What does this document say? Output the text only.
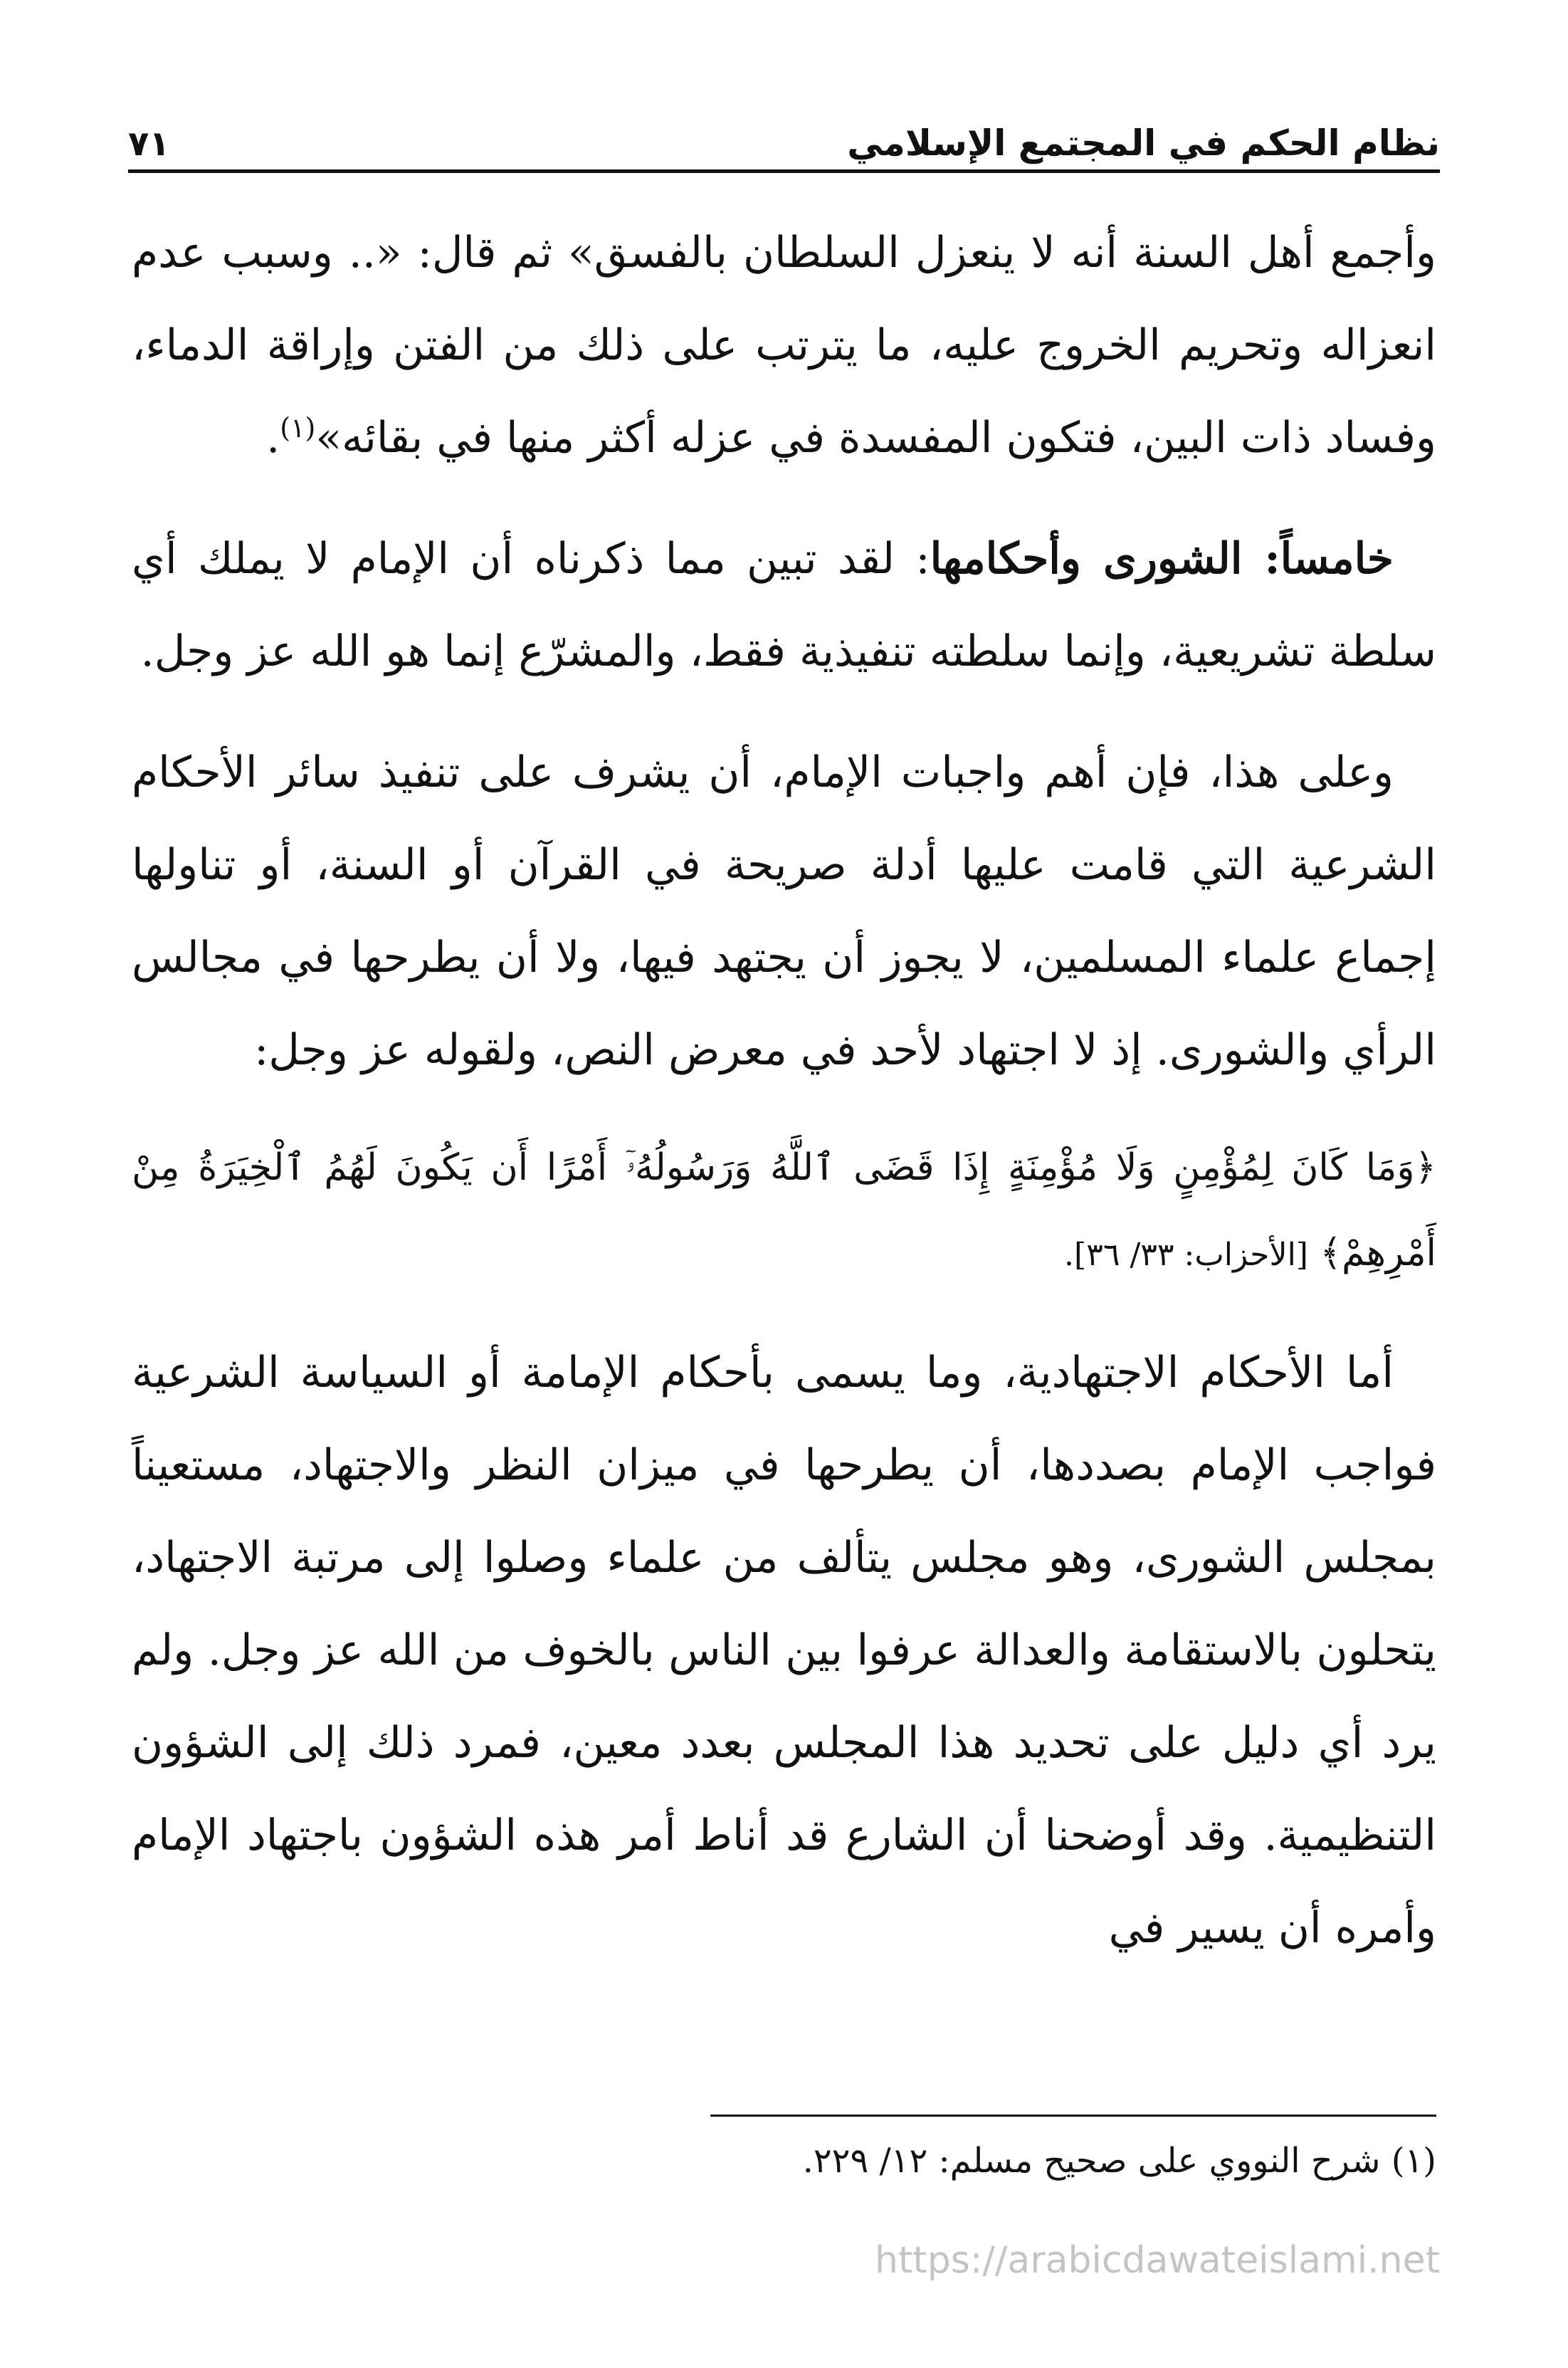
٧١	نظام الحكم في المجتمع الإسلامي

وأجمع أهل السنة أنه لا ينعزل السلطان بالفسق» ثم قال: «.. وسبب عدم انعزاله وتحريم الخروج عليه، ما يترتب على ذلك من الفتن وإراقة الدماء، وفساد ذات البين، فتكون المفسدة في عزله أكثر منها في بقائه»$^{(١)}$.

خامساً: الشورى وأحكامها: لقد تبين مما ذكرناه أن الإمام لا يملك أي سلطة تشريعية، وإنما سلطته تنفيذية فقط، والمشرّع إنما هو الله عز وجل.

وعلى هذا، فإن أهم واجبات الإمام، أن يشرف على تنفيذ سائر الأحكام الشرعية التي قامت عليها أدلة صريحة في القرآن أو السنة، أو تناولها إجماع علماء المسلمين، لا يجوز أن يجتهد فيها، ولا أن يطرحها في مجالس الرأي والشورى. إذ لا اجتهاد لأحد في معرض النص، ولقوله عز وجل:

﴿وَمَا كَانَ لِمُؤْمِنٍ وَلَا مُؤْمِنَةٍ إِذَا قَضَى ٱللَّهُ وَرَسُولُهُۥٓ أَمْرًا أَن يَكُونَ لَهُمُ ٱلْخِيَرَةُ مِنْ أَمْرِهِمْ﴾ [الأحزاب: ٣٣/ ٣٦].

أما الأحكام الاجتهادية، وما يسمى بأحكام الإمامة أو السياسة الشرعية فواجب الإمام بصددها، أن يطرحها في ميزان النظر والاجتهاد، مستعيناً بمجلس الشورى، وهو مجلس يتألف من علماء وصلوا إلى مرتبة الاجتهاد، يتحلون بالاستقامة والعدالة عرفوا بين الناس بالخوف من الله عز وجل. ولم يرد أي دليل على تحديد هذا المجلس بعدد معين، فمرد ذلك إلى الشؤون التنظيمية. وقد أوضحنا أن الشارع قد أناط أمر هذه الشؤون باجتهاد الإمام وأمره أن يسير في

(١) شرح النووي على صحيح مسلم: ١٢/ ٢٢٩.
https://arabicdawateislami.net
